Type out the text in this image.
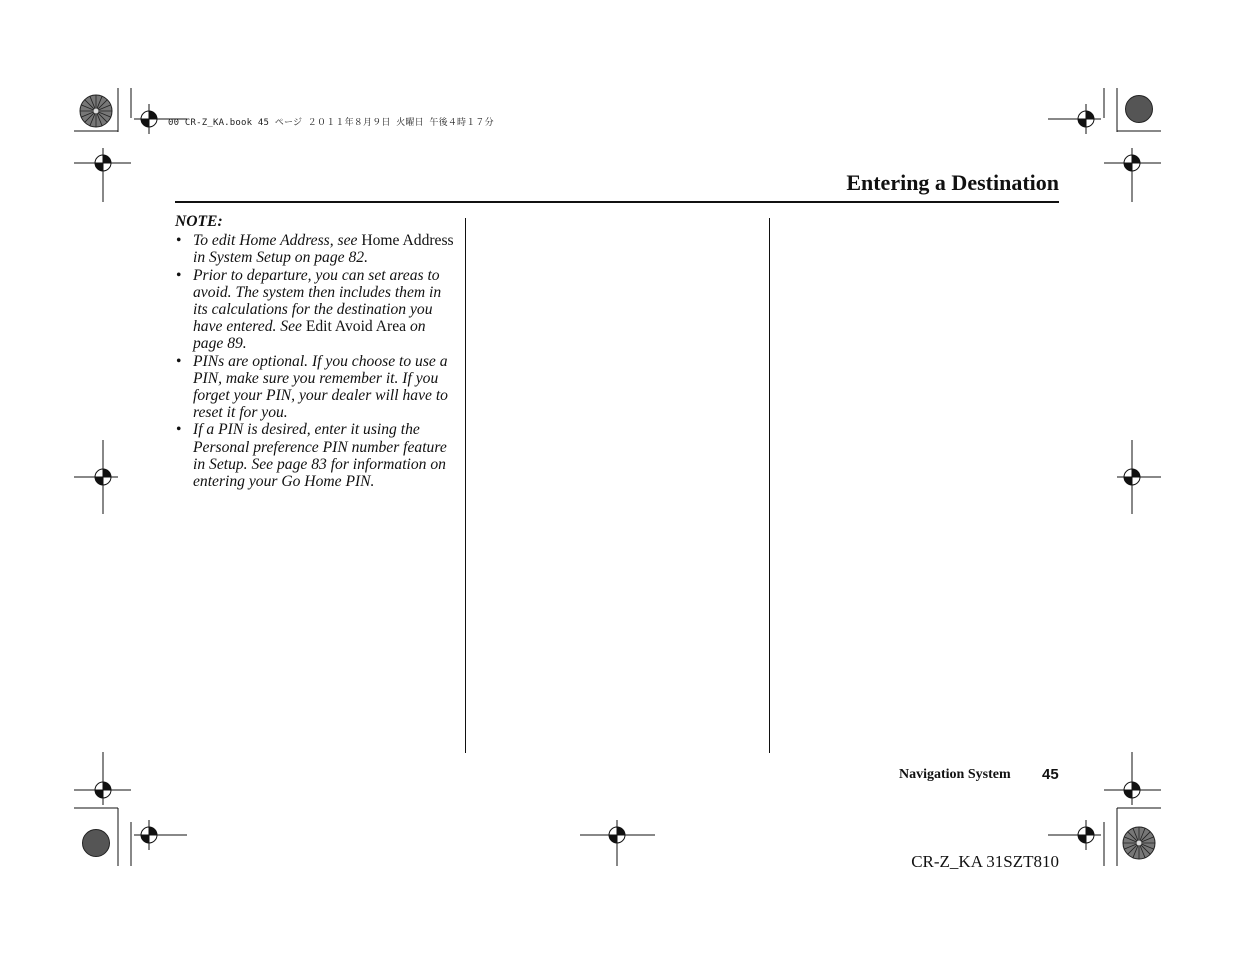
00 CR-Z_KA.book 45 ページ ２０１１年８月９日 火曜日 午後４時１７分
Entering a Destination
NOTE:
• To edit Home Address, see Home Address in System Setup on page 82.
• Prior to departure, you can set areas to avoid. The system then includes them in its calculations for the destination you have entered. See Edit Avoid Area on page 89.
• PINs are optional. If you choose to use a PIN, make sure you remember it. If you forget your PIN, your dealer will have to reset it for you.
• If a PIN is desired, enter it using the Personal preference PIN number feature in Setup. See page 83 for information on entering your Go Home PIN.
Navigation System 45
CR-Z_KA 31SZT810
